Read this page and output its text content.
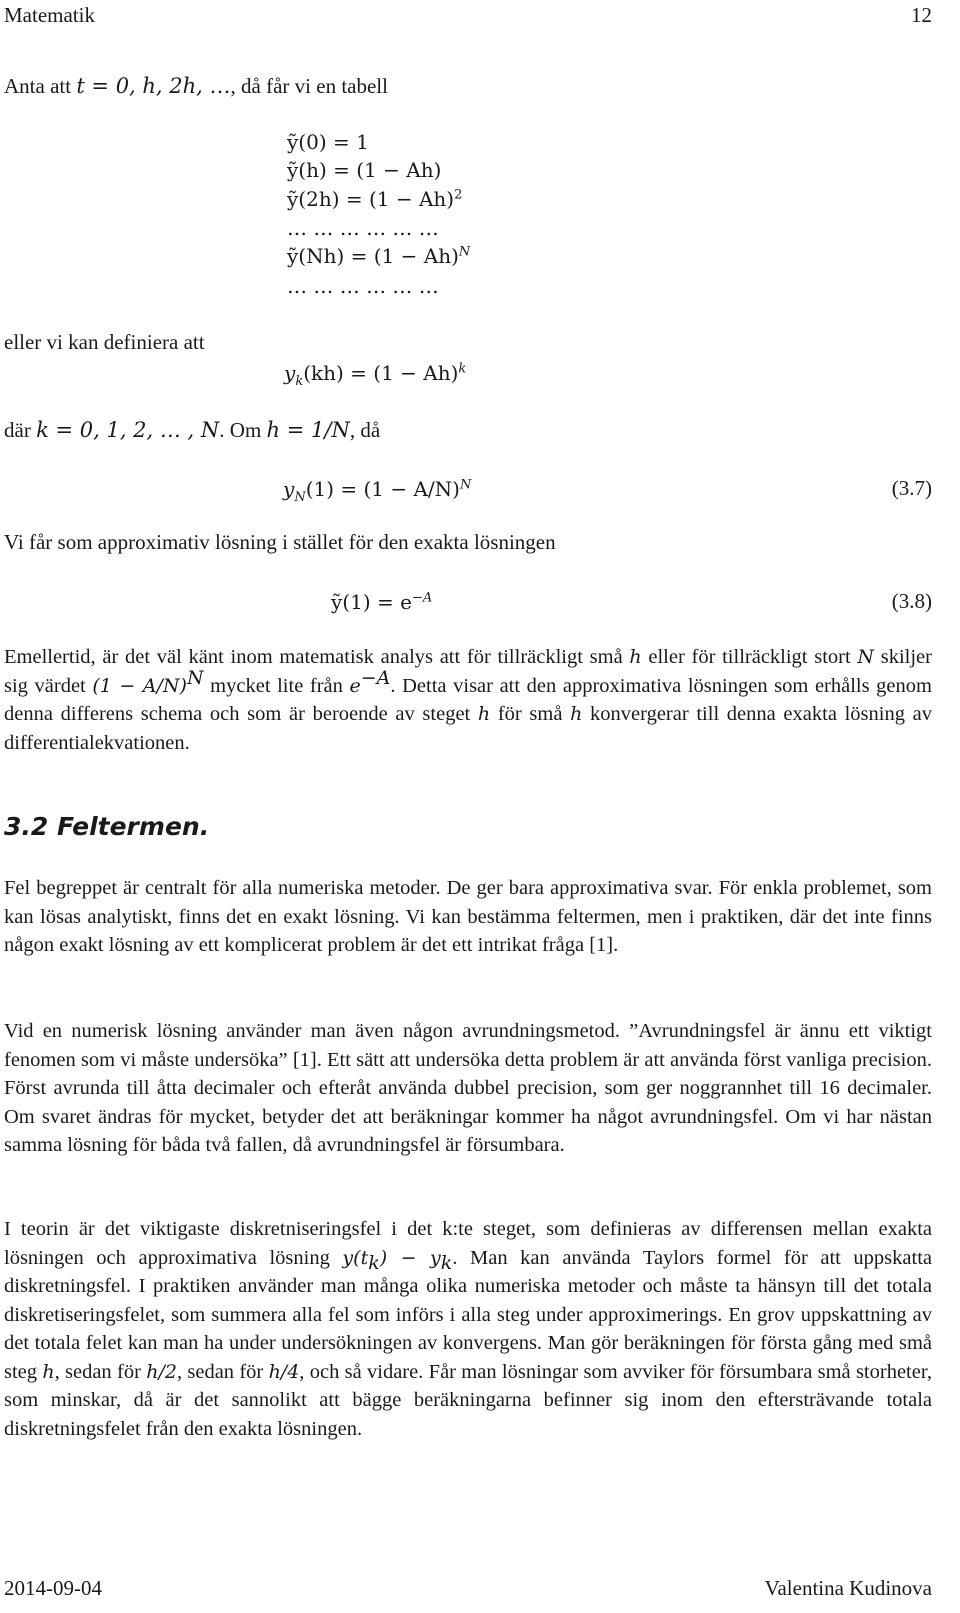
Matematik	12
Anta att t = 0, h, 2h, …, då får vi en tabell
ỹ(0) = 1
ỹ(h) = (1 − Ah)
ỹ(2h) = $(1 - Ah)^2$
… … … … … …
ỹ(Nh) = $(1 - Ah)^N$
… … … … … …
eller vi kan definiera att
$y_k(kh) = (1 - Ah)^k$
där k = 0, 1, 2, … , N. Om h = 1/N, då
$y_N(1) = (1 - A/N)^N$	(3.7)
Vi får som approximativ lösning i stället för den exakta lösningen
ỹ(1) = $e^{-A}$	(3.8)
Emellertid, är det väl känt inom matematisk analys att för tillräckligt små h eller för tillräckligt stort N skiljer sig värdet $(1 - A/N)^N$ mycket lite från $e^{-A}$. Detta visar att den approximativa lösningen som erhålls genom denna differens schema och som är beroende av steget h för små h konvergerar till denna exakta lösning av differentialekvationen.
3.2 Feltermen.
Fel begreppet är centralt för alla numeriska metoder. De ger bara approximativa svar. För enkla problemet, som kan lösas analytiskt, finns det en exakt lösning. Vi kan bestämma feltermen, men i praktiken, där det inte finns någon exakt lösning av ett komplicerat problem är det ett intrikat fråga [1].
Vid en numerisk lösning använder man även någon avrundningsmetod. ”Avrundningsfel är ännu ett viktigt fenomen som vi måste undersöka” [1]. Ett sätt att undersöka detta problem är att använda först vanliga precision. Först avrunda till åtta decimaler och efteråt använda dubbel precision, som ger noggrannhet till 16 decimaler. Om svaret ändras för mycket, betyder det att beräkningar kommer ha något avrundningsfel. Om vi har nästan samma lösning för båda två fallen, då avrundningsfel är försumbara.
I teorin är det viktigaste diskretniseringsfel i det k:te steget, som definieras av differensen mellan exakta lösningen och approximativa lösning $y(t_k) - y_k$. Man kan använda Taylors formel för att uppskatta diskretningsfel. I praktiken använder man många olika numeriska metoder och måste ta hänsyn till det totala diskretiseringsfelet, som summera alla fel som införs i alla steg under approximerings. En grov uppskattning av det totala felet kan man ha under undersökningen av konvergens. Man gör beräkningen för första gång med små steg h, sedan för h/2, sedan för h/4, och så vidare. Får man lösningar som avviker för försumbara små storheter, som minskar, då är det sannolikt att bägge beräkningarna befinner sig inom den eftersträvande totala diskretningsfelet från den exakta lösningen.
2014-09-04	Valentina Kudinova
